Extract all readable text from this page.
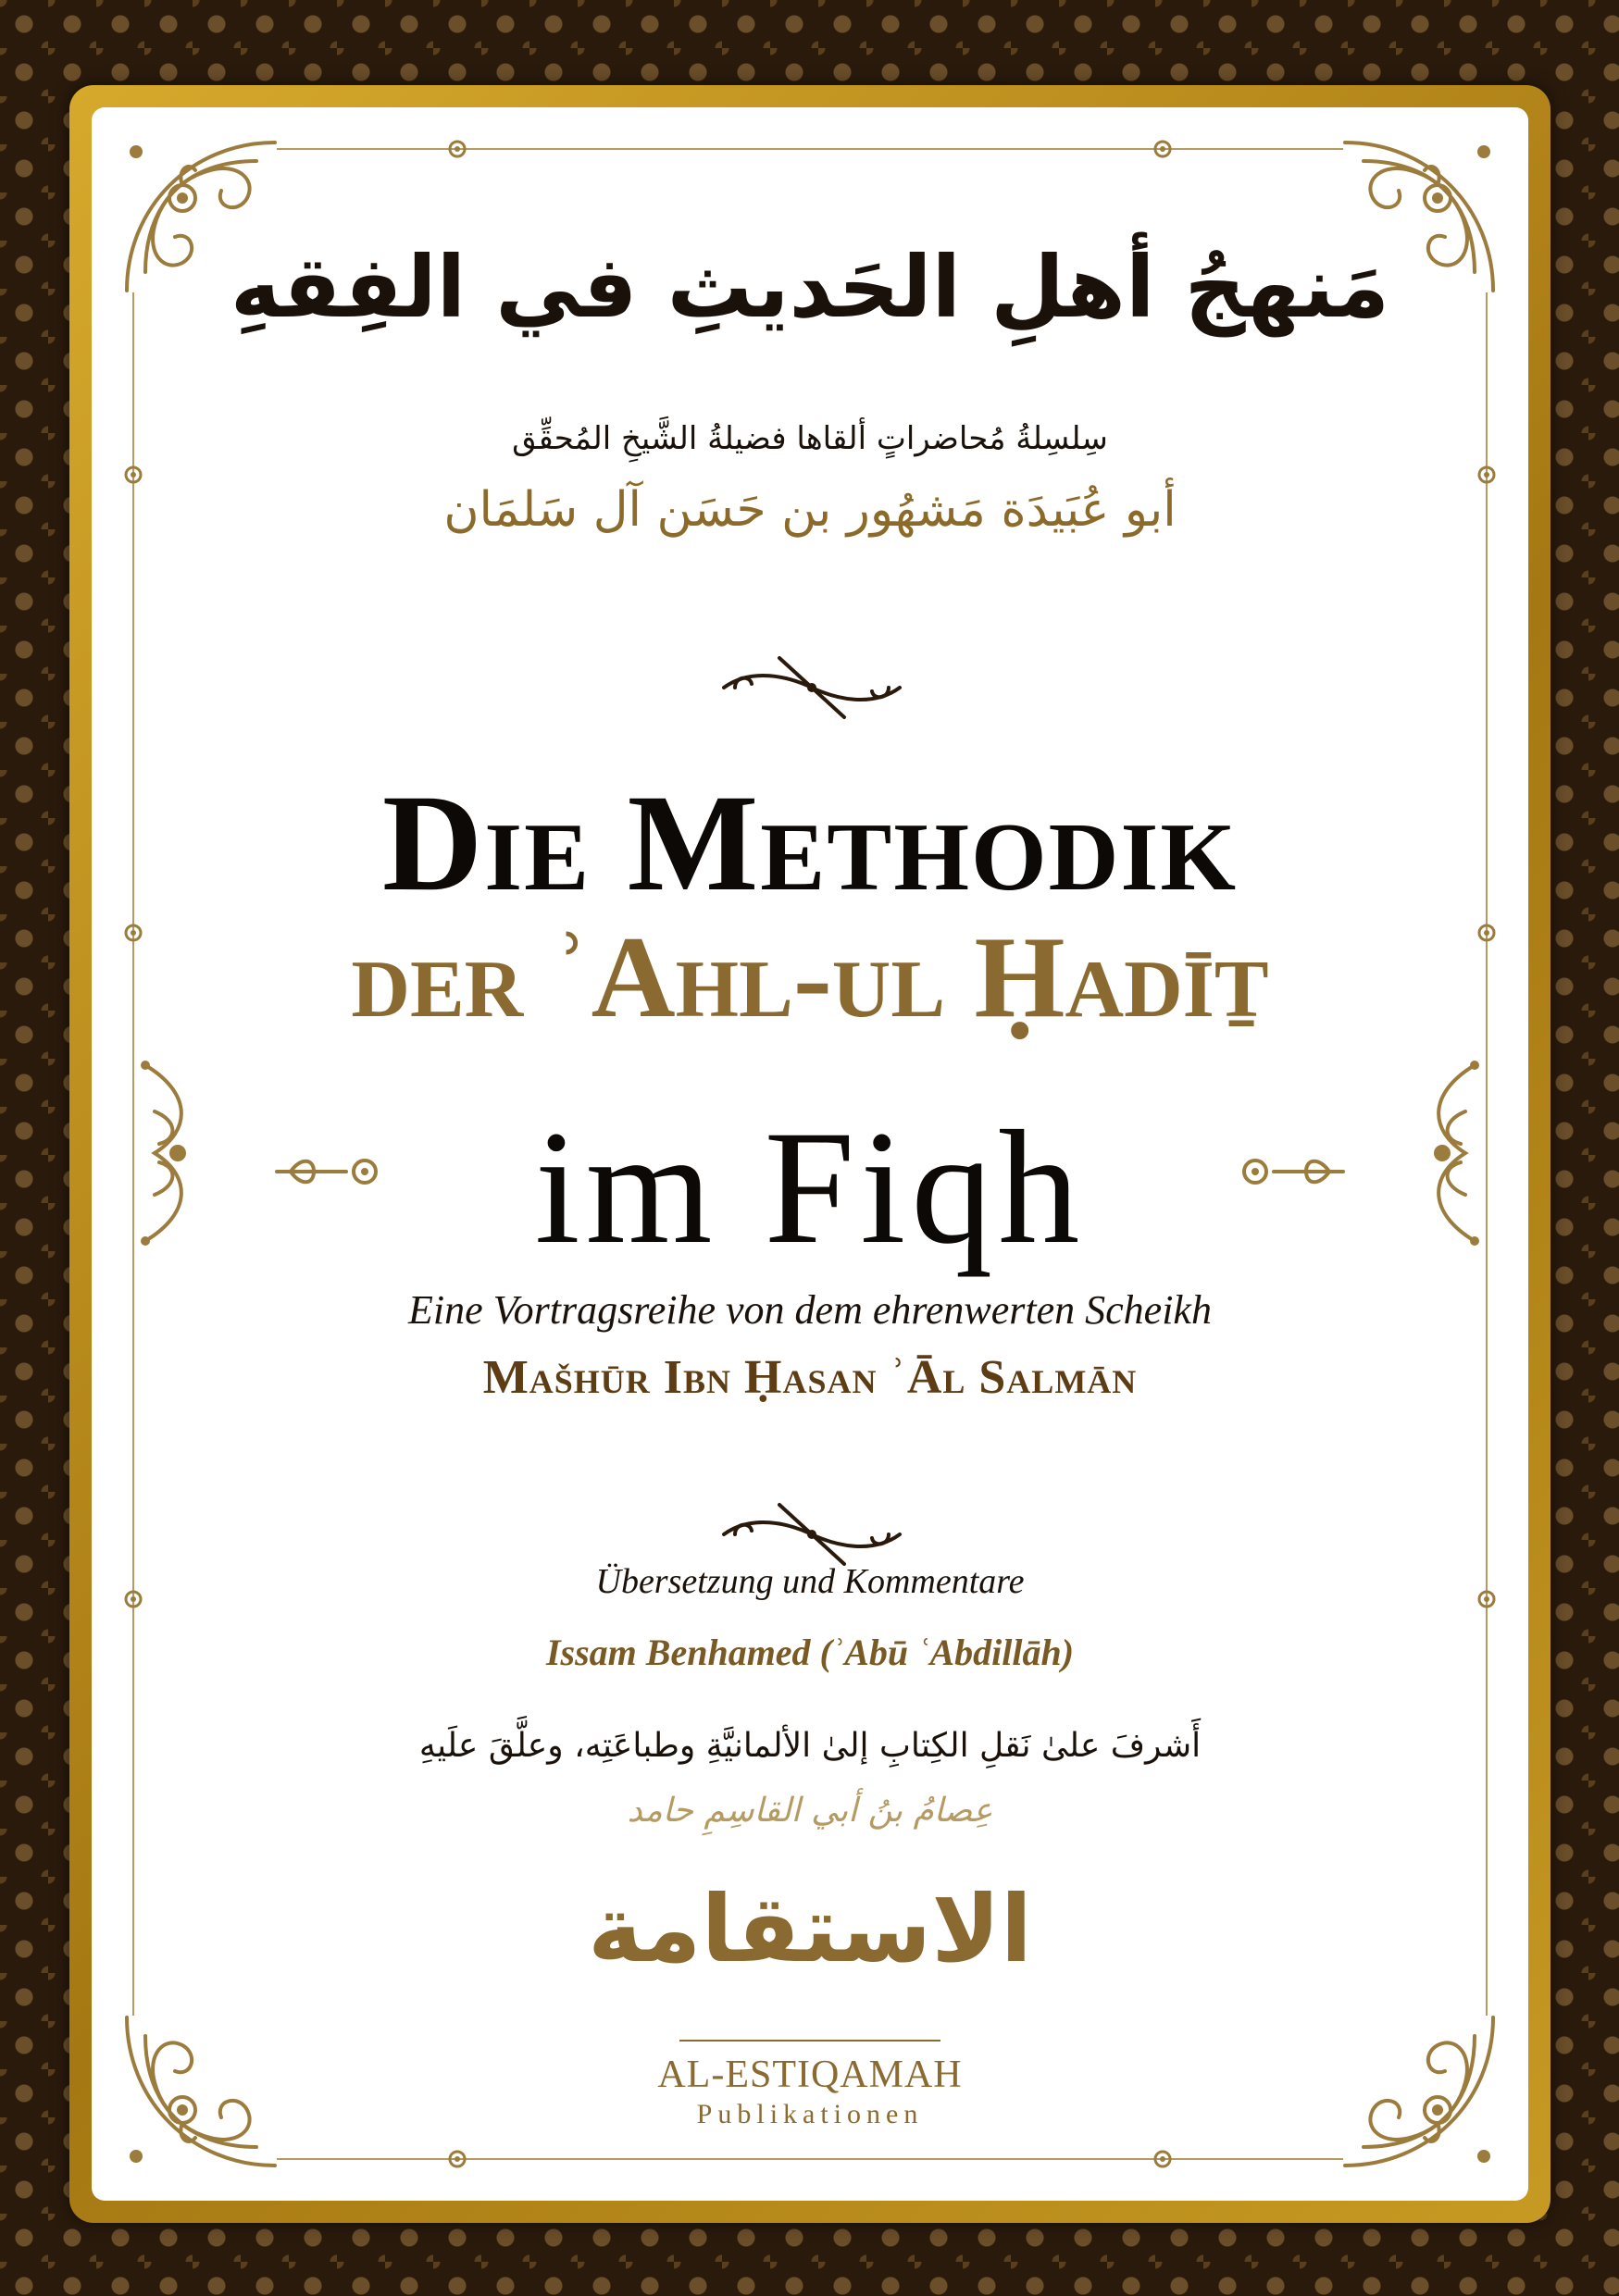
مَنهجُ أهلِ الحَديثِ في الفِقهِ
سِلسِلةُ مُحاضراتٍ ألقاها فضيلةُ الشَّيخِ المُحقِّق
أبو عُبَيدَة مَشهُور بن حَسَن آل سَلمَان
Die Methodik
der ʾAhl-ul Ḥadīṯ
im Fiqh
Eine Vortragsreihe von dem ehrenwerten Scheikh
Mašhūr Ibn Ḥasan ʾĀl Salmān
Übersetzung und Kommentare
Issam Benhamed (ʾAbū ʿAbdillāh)
أَشرفَ علىٰ نَقلِ الكِتابِ إلىٰ الألمانيَّةِ وطباعَتِه، وعلَّقَ علَيهِ
عِصامُ بنُ أبي القاسِمِ حامد
الاستقامة
AL-ESTIQAMAH
Publikationen
